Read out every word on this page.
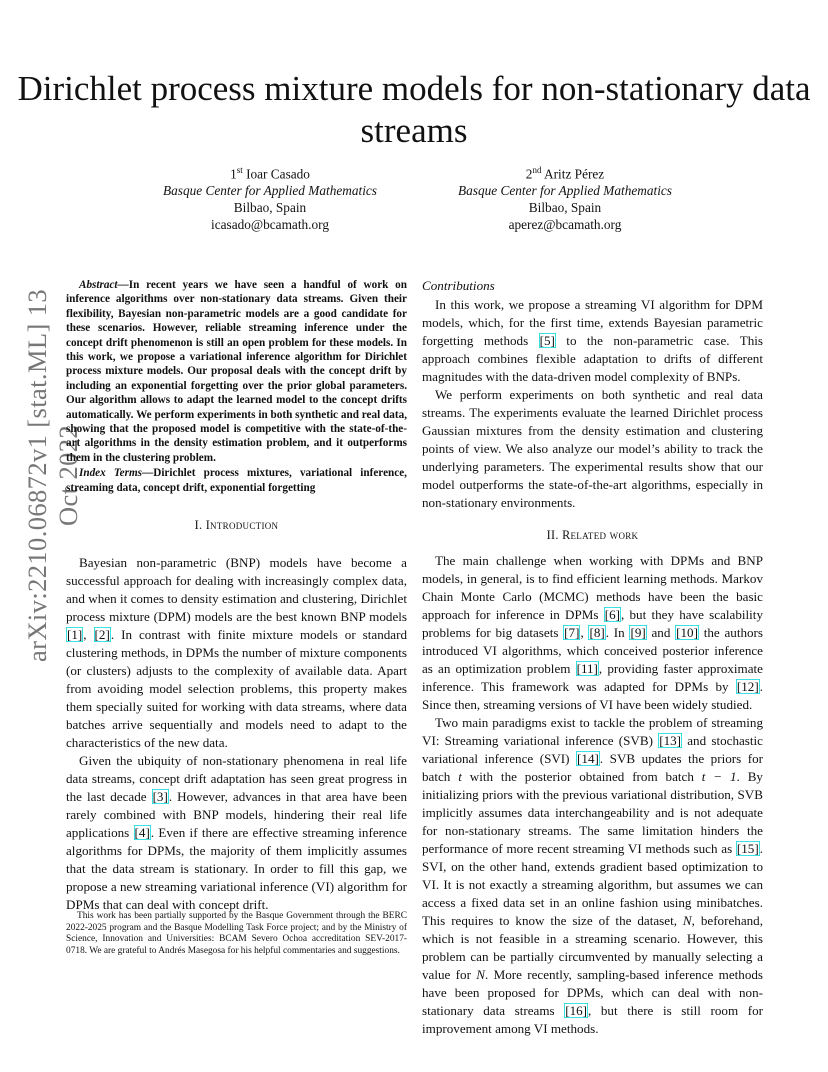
Dirichlet process mixture models for non-stationary data streams
1st Ioar Casado
Basque Center for Applied Mathematics
Bilbao, Spain
icasado@bcamath.org
2nd Aritz Pérez
Basque Center for Applied Mathematics
Bilbao, Spain
aperez@bcamath.org
arXiv:2210.06872v1 [stat.ML] 13 Oct 2022

Abstract—In recent years we have seen a handful of work on inference algorithms over non-stationary data streams. Given their flexibility, Bayesian non-parametric models are a good candidate for these scenarios. However, reliable streaming inference under the concept drift phenomenon is still an open problem for these models. In this work, we propose a variational inference algorithm for Dirichlet process mixture models. Our proposal deals with the concept drift by including an exponential forgetting over the prior global parameters. Our algorithm allows to adapt the learned model to the concept drifts automatically. We perform experiments in both synthetic and real data, showing that the proposed model is competitive with the state-of-the-art algorithms in the density estimation problem, and it outperforms them in the clustering problem.

Index Terms—Dirichlet process mixtures, variational inference, streaming data, concept drift, exponential forgetting

I. Introduction

Bayesian non-parametric (BNP) models have become a successful approach for dealing with increasingly complex data, and when it comes to density estimation and clustering, Dirichlet process mixture (DPM) models are the best known BNP models [1], [2]. In contrast with finite mixture models or standard clustering methods, in DPMs the number of mixture components (or clusters) adjusts to the complexity of available data. Apart from avoiding model selection problems, this property makes them specially suited for working with data streams, where data batches arrive sequentially and models need to adapt to the characteristics of the new data.

Given the ubiquity of non-stationary phenomena in real life data streams, concept drift adaptation has seen great progress in the last decade [3]. However, advances in that area have been rarely combined with BNP models, hindering their real life applications [4]. Even if there are effective streaming inference algorithms for DPMs, the majority of them implicitly assumes that the data stream is stationary. In order to fill this gap, we propose a new streaming variational inference (VI) algorithm for DPMs that can deal with concept drift.

This work has been partially supported by the Basque Government through the BERC 2022-2025 program and the Basque Modelling Task Force project; and by the Ministry of Science, Innovation and Universities: BCAM Severo Ochoa accreditation SEV-2017-0718. We are grateful to Andrés Masegosa for his helpful commentaries and suggestions.

Contributions

In this work, we propose a streaming VI algorithm for DPM models, which, for the first time, extends Bayesian parametric forgetting methods [5] to the non-parametric case. This approach combines flexible adaptation to drifts of different magnitudes with the data-driven model complexity of BNPs.

We perform experiments on both synthetic and real data streams. The experiments evaluate the learned Dirichlet process Gaussian mixtures from the density estimation and clustering points of view. We also analyze our model’s ability to track the underlying parameters. The experimental results show that our model outperforms the state-of-the-art algorithms, especially in non-stationary environments.

II. Related work

The main challenge when working with DPMs and BNP models, in general, is to find efficient learning methods. Markov Chain Monte Carlo (MCMC) methods have been the basic approach for inference in DPMs [6], but they have scalability problems for big datasets [7], [8]. In [9] and [10] the authors introduced VI algorithms, which conceived posterior inference as an optimization problem [11], providing faster approximate inference. This framework was adapted for DPMs by [12]. Since then, streaming versions of VI have been widely studied.

Two main paradigms exist to tackle the problem of streaming VI: Streaming variational inference (SVB) [13] and stochastic variational inference (SVI) [14]. SVB updates the priors for batch t with the posterior obtained from batch t − 1. By initializing priors with the previous variational distribution, SVB implicitly assumes data interchangeability and is not adequate for non-stationary streams. The same limitation hinders the performance of more recent streaming VI methods such as [15]. SVI, on the other hand, extends gradient based optimization to VI. It is not exactly a streaming algorithm, but assumes we can access a fixed data set in an online fashion using minibatches. This requires to know the size of the dataset, N, beforehand, which is not feasible in a streaming scenario. However, this problem can be partially circumvented by manually selecting a value for N. More recently, sampling-based inference methods have been proposed for DPMs, which can deal with non-stationary data streams [16], but there is still room for improvement among VI methods.
